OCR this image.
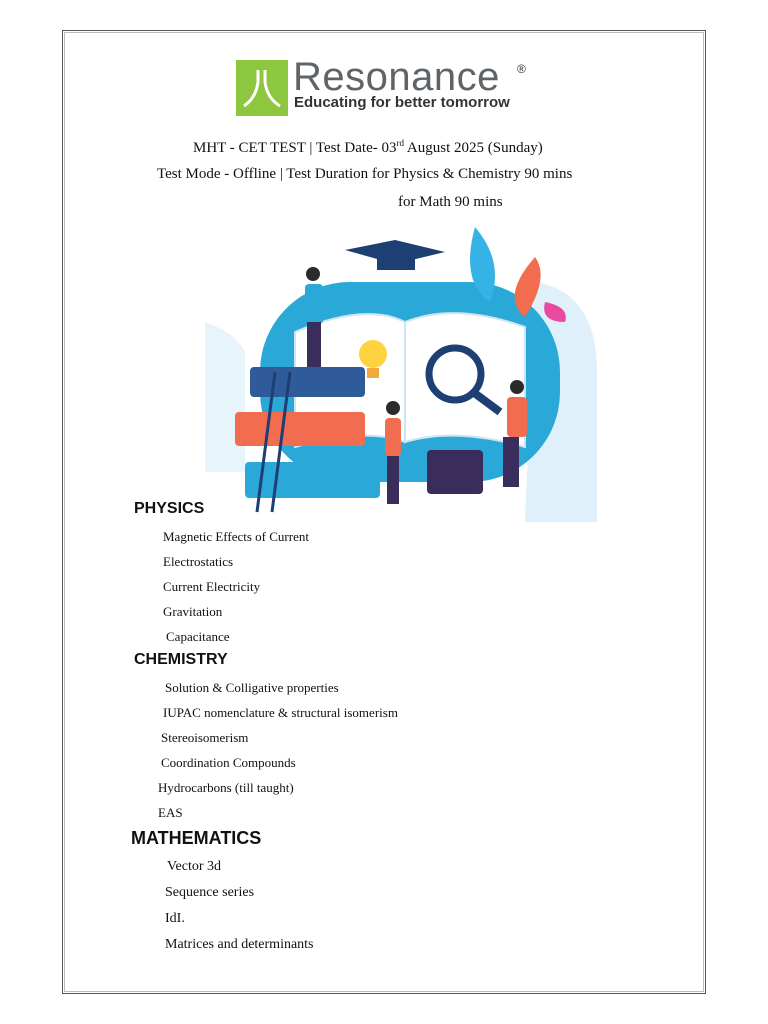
Resonance ®
Educating for better tomorrow
MHT - CET TEST | Test Date- 03rd August 2025 (Sunday)
Test Mode - Offline | Test Duration for Physics & Chemistry 90 mins
for Math 90 mins
PHYSICS
Magnetic Effects of Current
Electrostatics
Current Electricity
Gravitation
Capacitance
CHEMISTRY
Solution & Colligative properties
IUPAC nomenclature & structural isomerism
Stereoisomerism
Coordination Compounds
Hydrocarbons (till taught)
EAS
MATHEMATICS
Vector 3d
Sequence series
IdI.
Matrices and determinants
